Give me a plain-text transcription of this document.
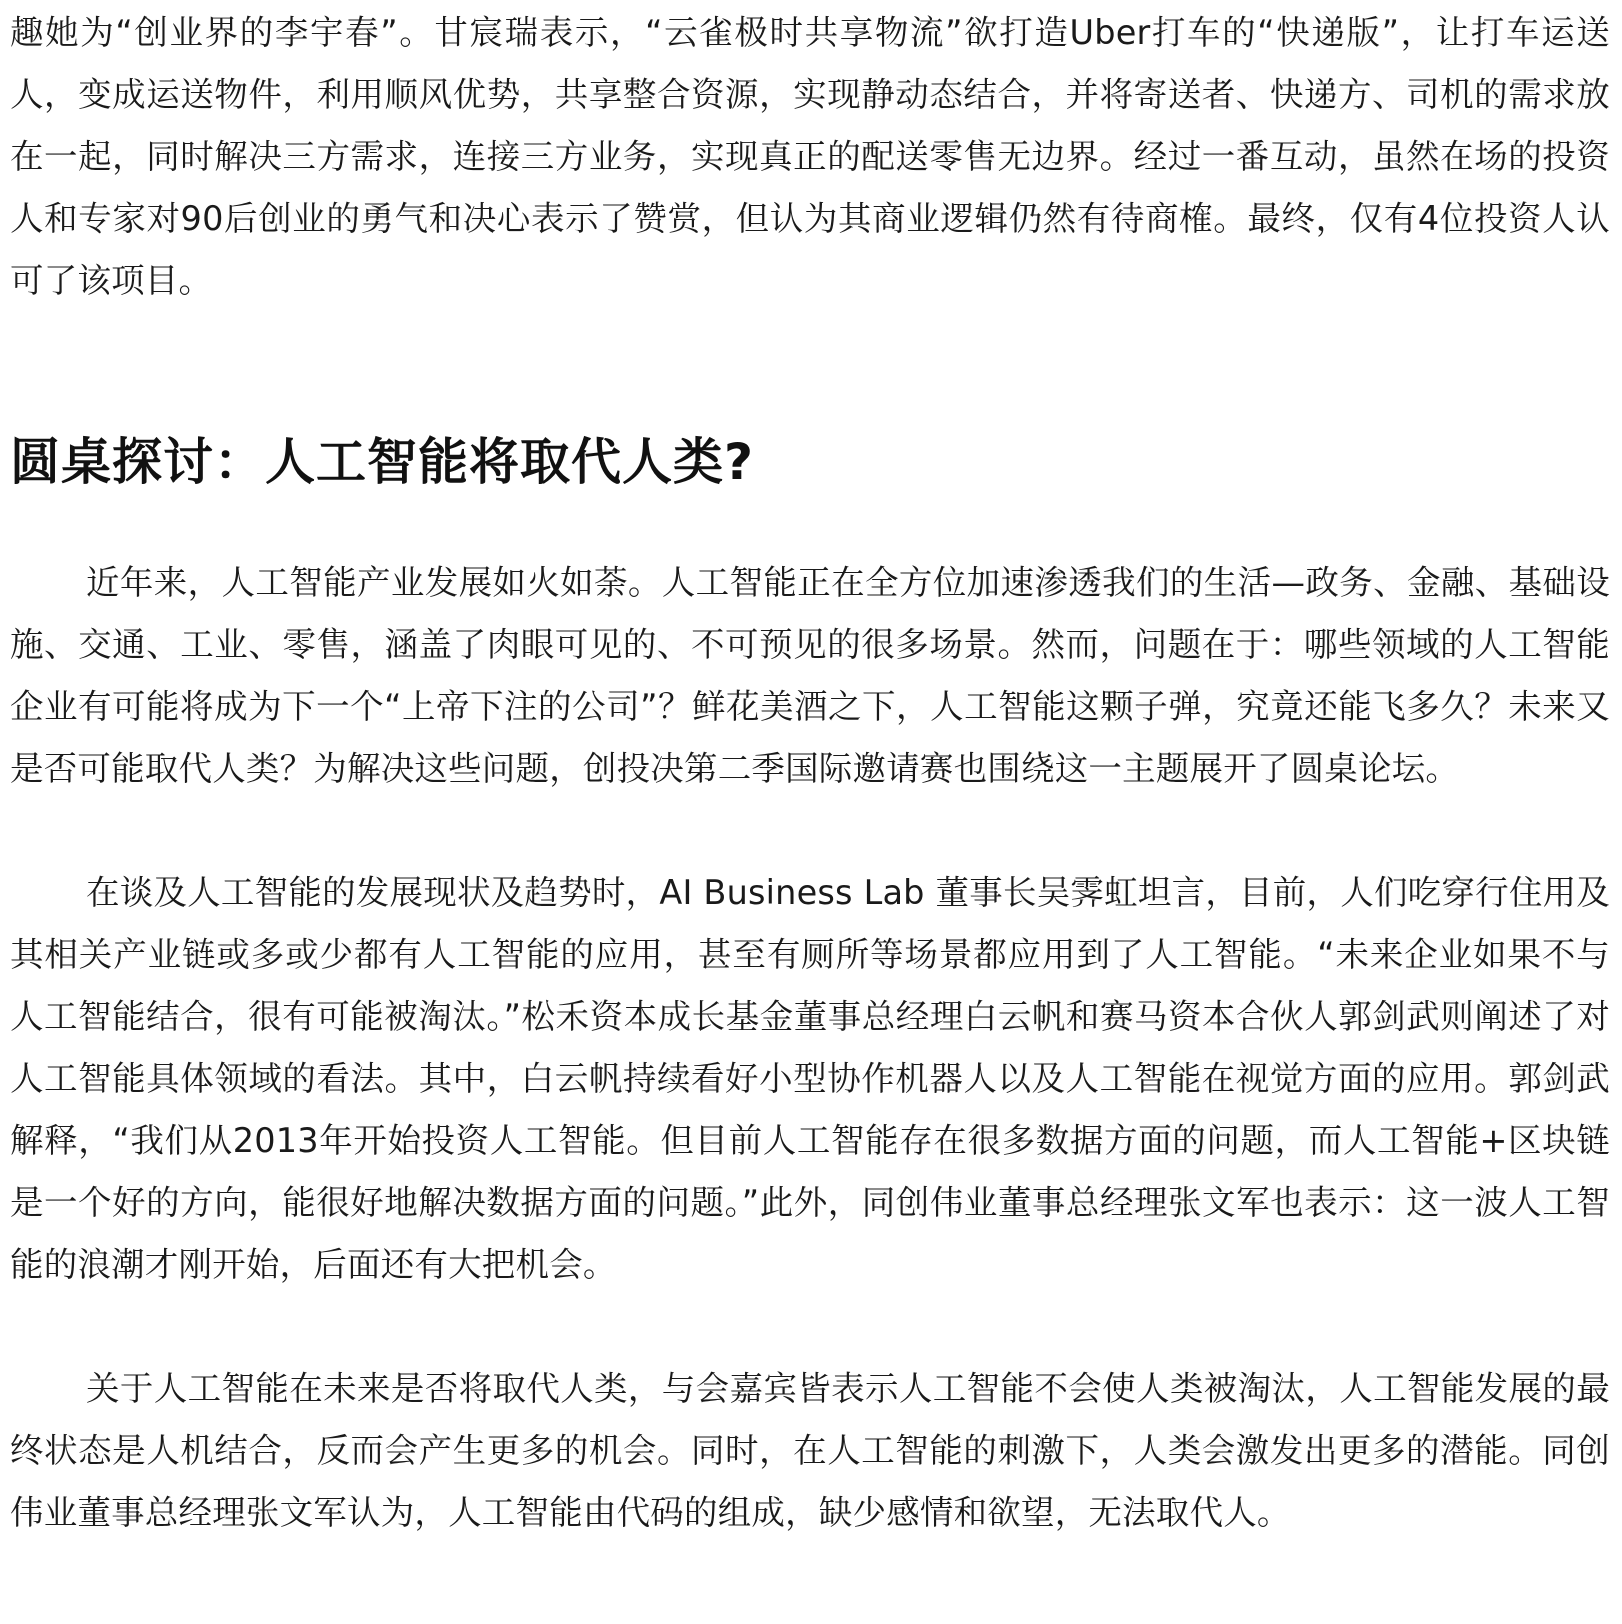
趣她为“创业界的李宇春”。甘宸瑞表示，“云雀极时共享物流”欲打造Uber打车的“快递版”，让打车运送人，变成运送物件，利用顺风优势，共享整合资源，实现静动态结合，并将寄送者、快递方、司机的需求放在一起，同时解决三方需求，连接三方业务，实现真正的配送零售无边界。经过一番互动，虽然在场的投资人和专家对90后创业的勇气和决心表示了赞赏，但认为其商业逻辑仍然有待商榷。最终，仅有4位投资人认可了该项目。

圆桌探讨：人工智能将取代人类?

近年来，人工智能产业发展如火如荼。人工智能正在全方位加速渗透我们的生活—政务、金融、基础设施、交通、工业、零售，涵盖了肉眼可见的、不可预见的很多场景。然而，问题在于：哪些领域的人工智能企业有可能将成为下一个“上帝下注的公司”？鲜花美酒之下，人工智能这颗子弹，究竟还能飞多久？未来又是否可能取代人类？为解决这些问题，创投决第二季国际邀请赛也围绕这一主题展开了圆桌论坛。

在谈及人工智能的发展现状及趋势时，AI Business Lab 董事长吴霁虹坦言，目前，人们吃穿行住用及其相关产业链或多或少都有人工智能的应用，甚至有厕所等场景都应用到了人工智能。“未来企业如果不与人工智能结合，很有可能被淘汰。”松禾资本成长基金董事总经理白云帆和赛马资本合伙人郭剑武则阐述了对人工智能具体领域的看法。其中，白云帆持续看好小型协作机器人以及人工智能在视觉方面的应用。郭剑武解释，“我们从2013年开始投资人工智能。但目前人工智能存在很多数据方面的问题，而人工智能+区块链是一个好的方向，能很好地解决数据方面的问题。”此外，同创伟业董事总经理张文军也表示：这一波人工智能的浪潮才刚开始，后面还有大把机会。

关于人工智能在未来是否将取代人类，与会嘉宾皆表示人工智能不会使人类被淘汰，人工智能发展的最终状态是人机结合，反而会产生更多的机会。同时，在人工智能的刺激下，人类会激发出更多的潜能。同创伟业董事总经理张文军认为，人工智能由代码的组成，缺少感情和欲望，无法取代人。
